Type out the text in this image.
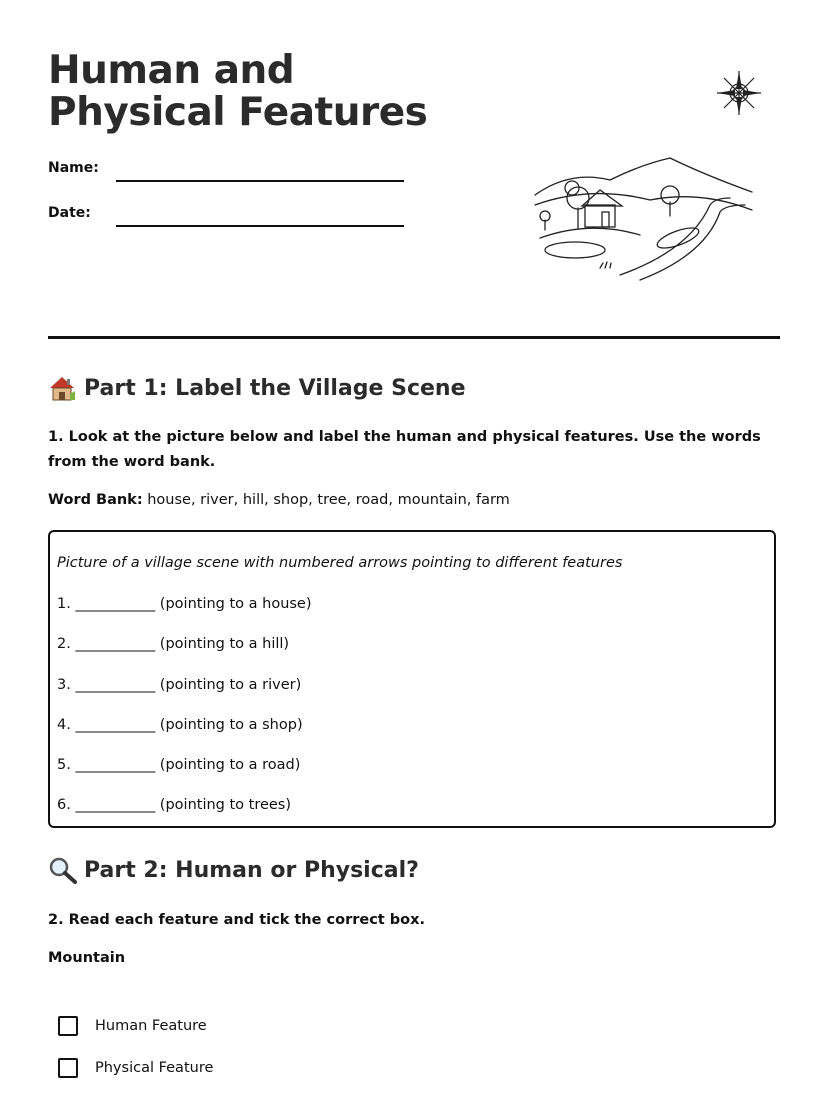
Human and Physical Features
Name:
Date:
Part 1: Label the Village Scene
1. Look at the picture below and label the human and physical features. Use the words from the word bank.
Word Bank: house, river, hill, shop, tree, road, mountain, farm
Picture of a village scene with numbered arrows pointing to different features
1. ___________ (pointing to a house)
2. ___________ (pointing to a hill)
3. ___________ (pointing to a river)
4. ___________ (pointing to a shop)
5. ___________ (pointing to a road)
6. ___________ (pointing to trees)
Part 2: Human or Physical?
2. Read each feature and tick the correct box.
Mountain
Human Feature
Physical Feature
